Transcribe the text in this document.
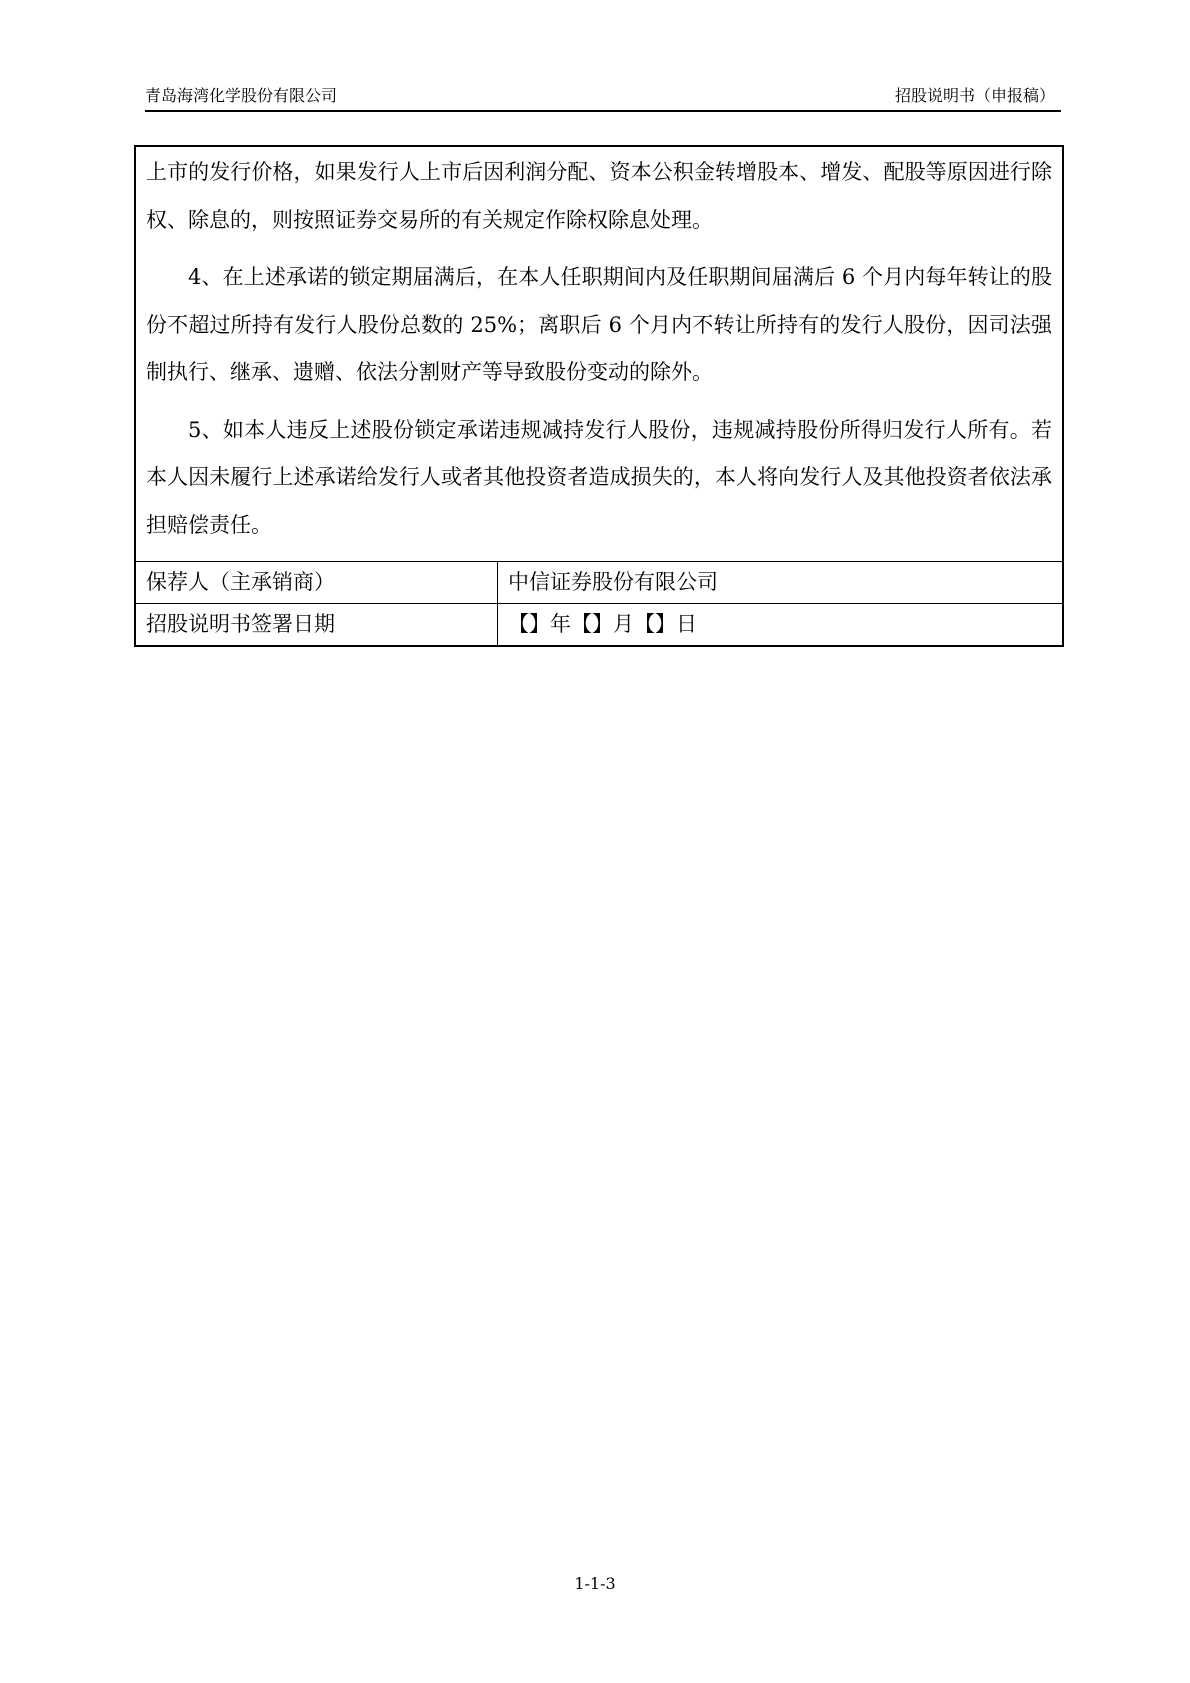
青岛海湾化学股份有限公司	招股说明书（申报稿）

上市的发行价格，如果发行人上市后因利润分配、资本公积金转增股本、增发、配股等原因进行除权、除息的，则按照证券交易所的有关规定作除权除息处理。

4、在上述承诺的锁定期届满后，在本人任职期间内及任职期间届满后 6 个月内每年转让的股份不超过所持有发行人股份总数的 25%；离职后 6 个月内不转让所持有的发行人股份，因司法强制执行、继承、遗赠、依法分割财产等导致股份变动的除外。

5、如本人违反上述股份锁定承诺违规减持发行人股份，违规减持股份所得归发行人所有。若本人因未履行上述承诺给发行人或者其他投资者造成损失的，本人将向发行人及其他投资者依法承担赔偿责任。

保荐人（主承销商）	中信证券股份有限公司
招股说明书签署日期	【】年【】月【】日
1-1-3
